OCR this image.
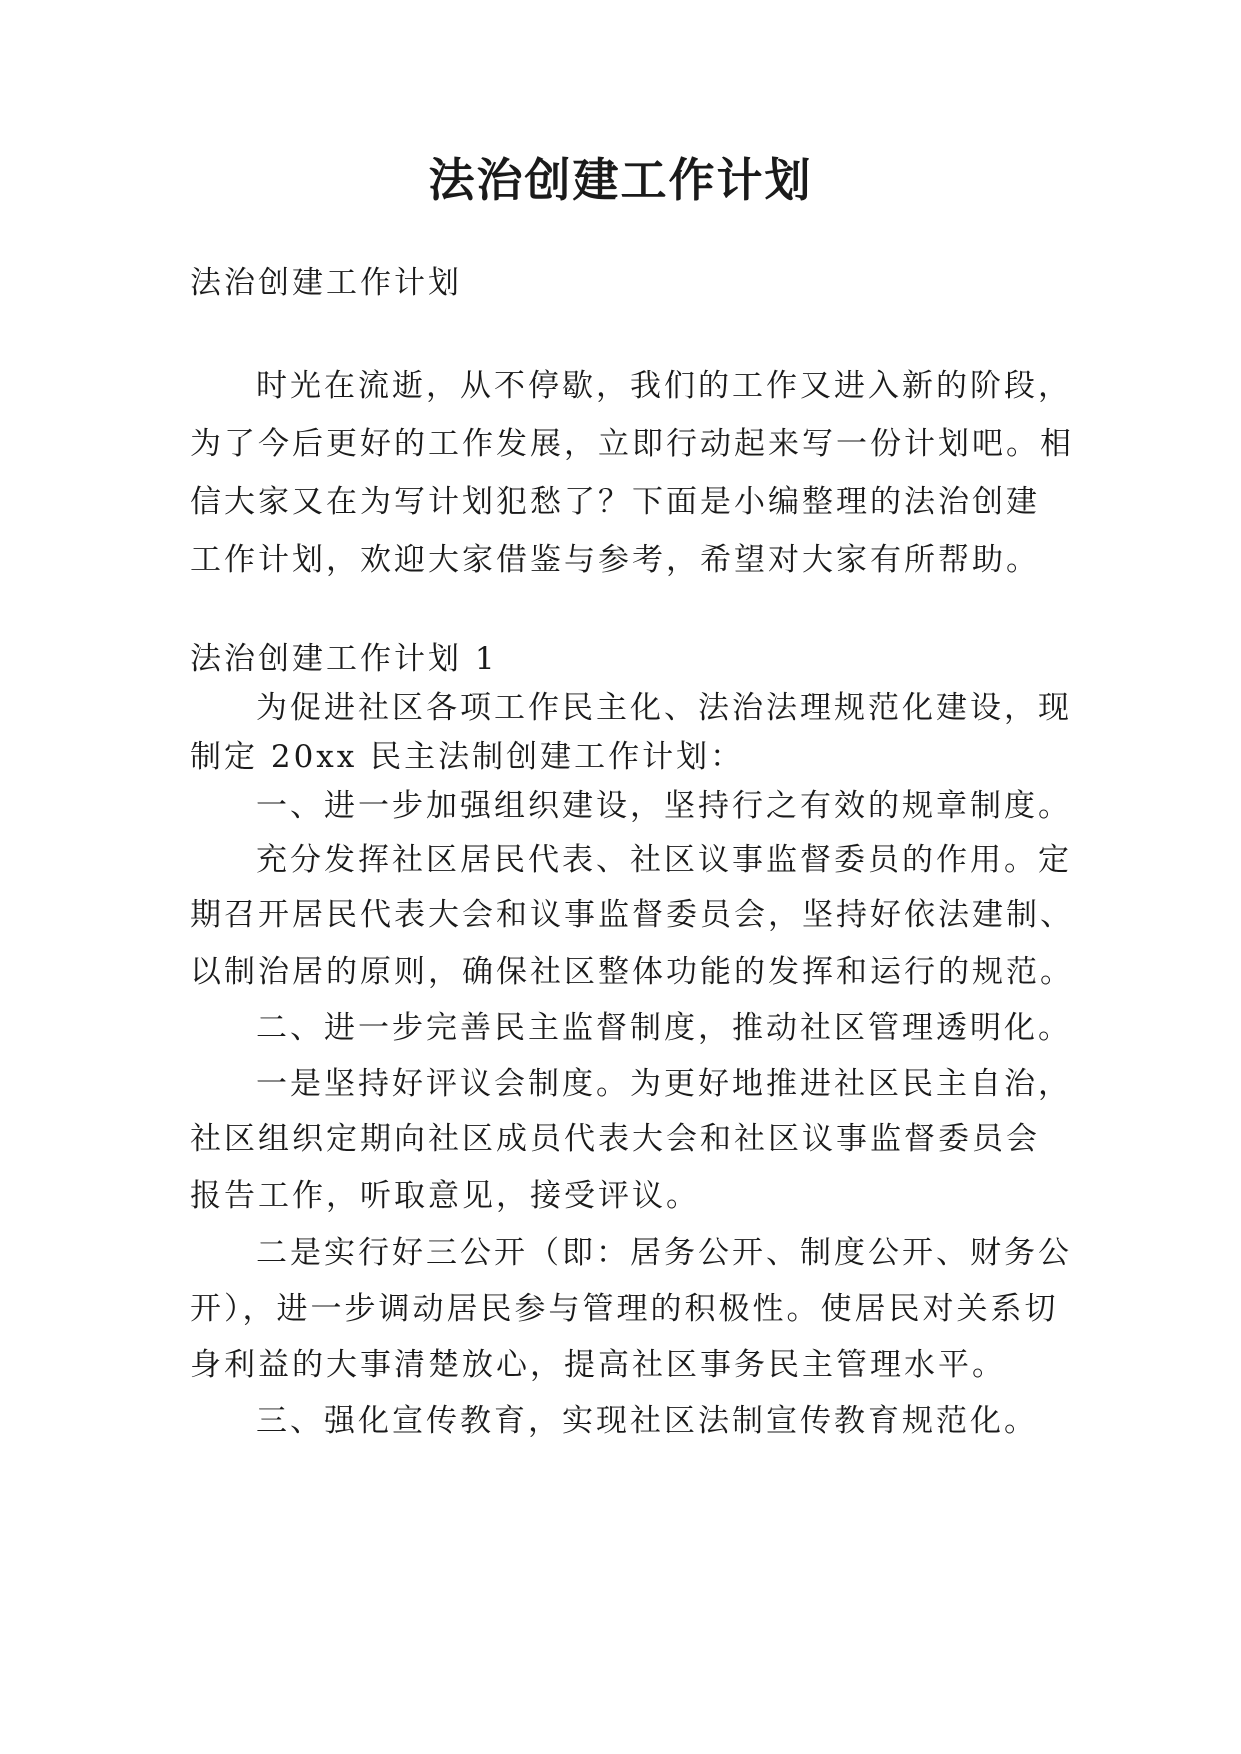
法治创建工作计划

法治创建工作计划

时光在流逝，从不停歇，我们的工作又进入新的阶段，

为了今后更好的工作发展，立即行动起来写一份计划吧。相

信大家又在为写计划犯愁了？下面是小编整理的法治创建

工作计划，欢迎大家借鉴与参考，希望对大家有所帮助。

法治创建工作计划 1

为促进社区各项工作民主化、法治法理规范化建设，现

制定 20xx 民主法制创建工作计划：

一、进一步加强组织建设，坚持行之有效的规章制度。

充分发挥社区居民代表、社区议事监督委员的作用。定

期召开居民代表大会和议事监督委员会，坚持好依法建制、

以制治居的原则，确保社区整体功能的发挥和运行的规范。

二、进一步完善民主监督制度，推动社区管理透明化。

一是坚持好评议会制度。为更好地推进社区民主自治，

社区组织定期向社区成员代表大会和社区议事监督委员会

报告工作，听取意见，接受评议。

二是实行好三公开（即：居务公开、制度公开、财务公

开），进一步调动居民参与管理的积极性。使居民对关系切

身利益的大事清楚放心，提高社区事务民主管理水平。

三、强化宣传教育，实现社区法制宣传教育规范化。
